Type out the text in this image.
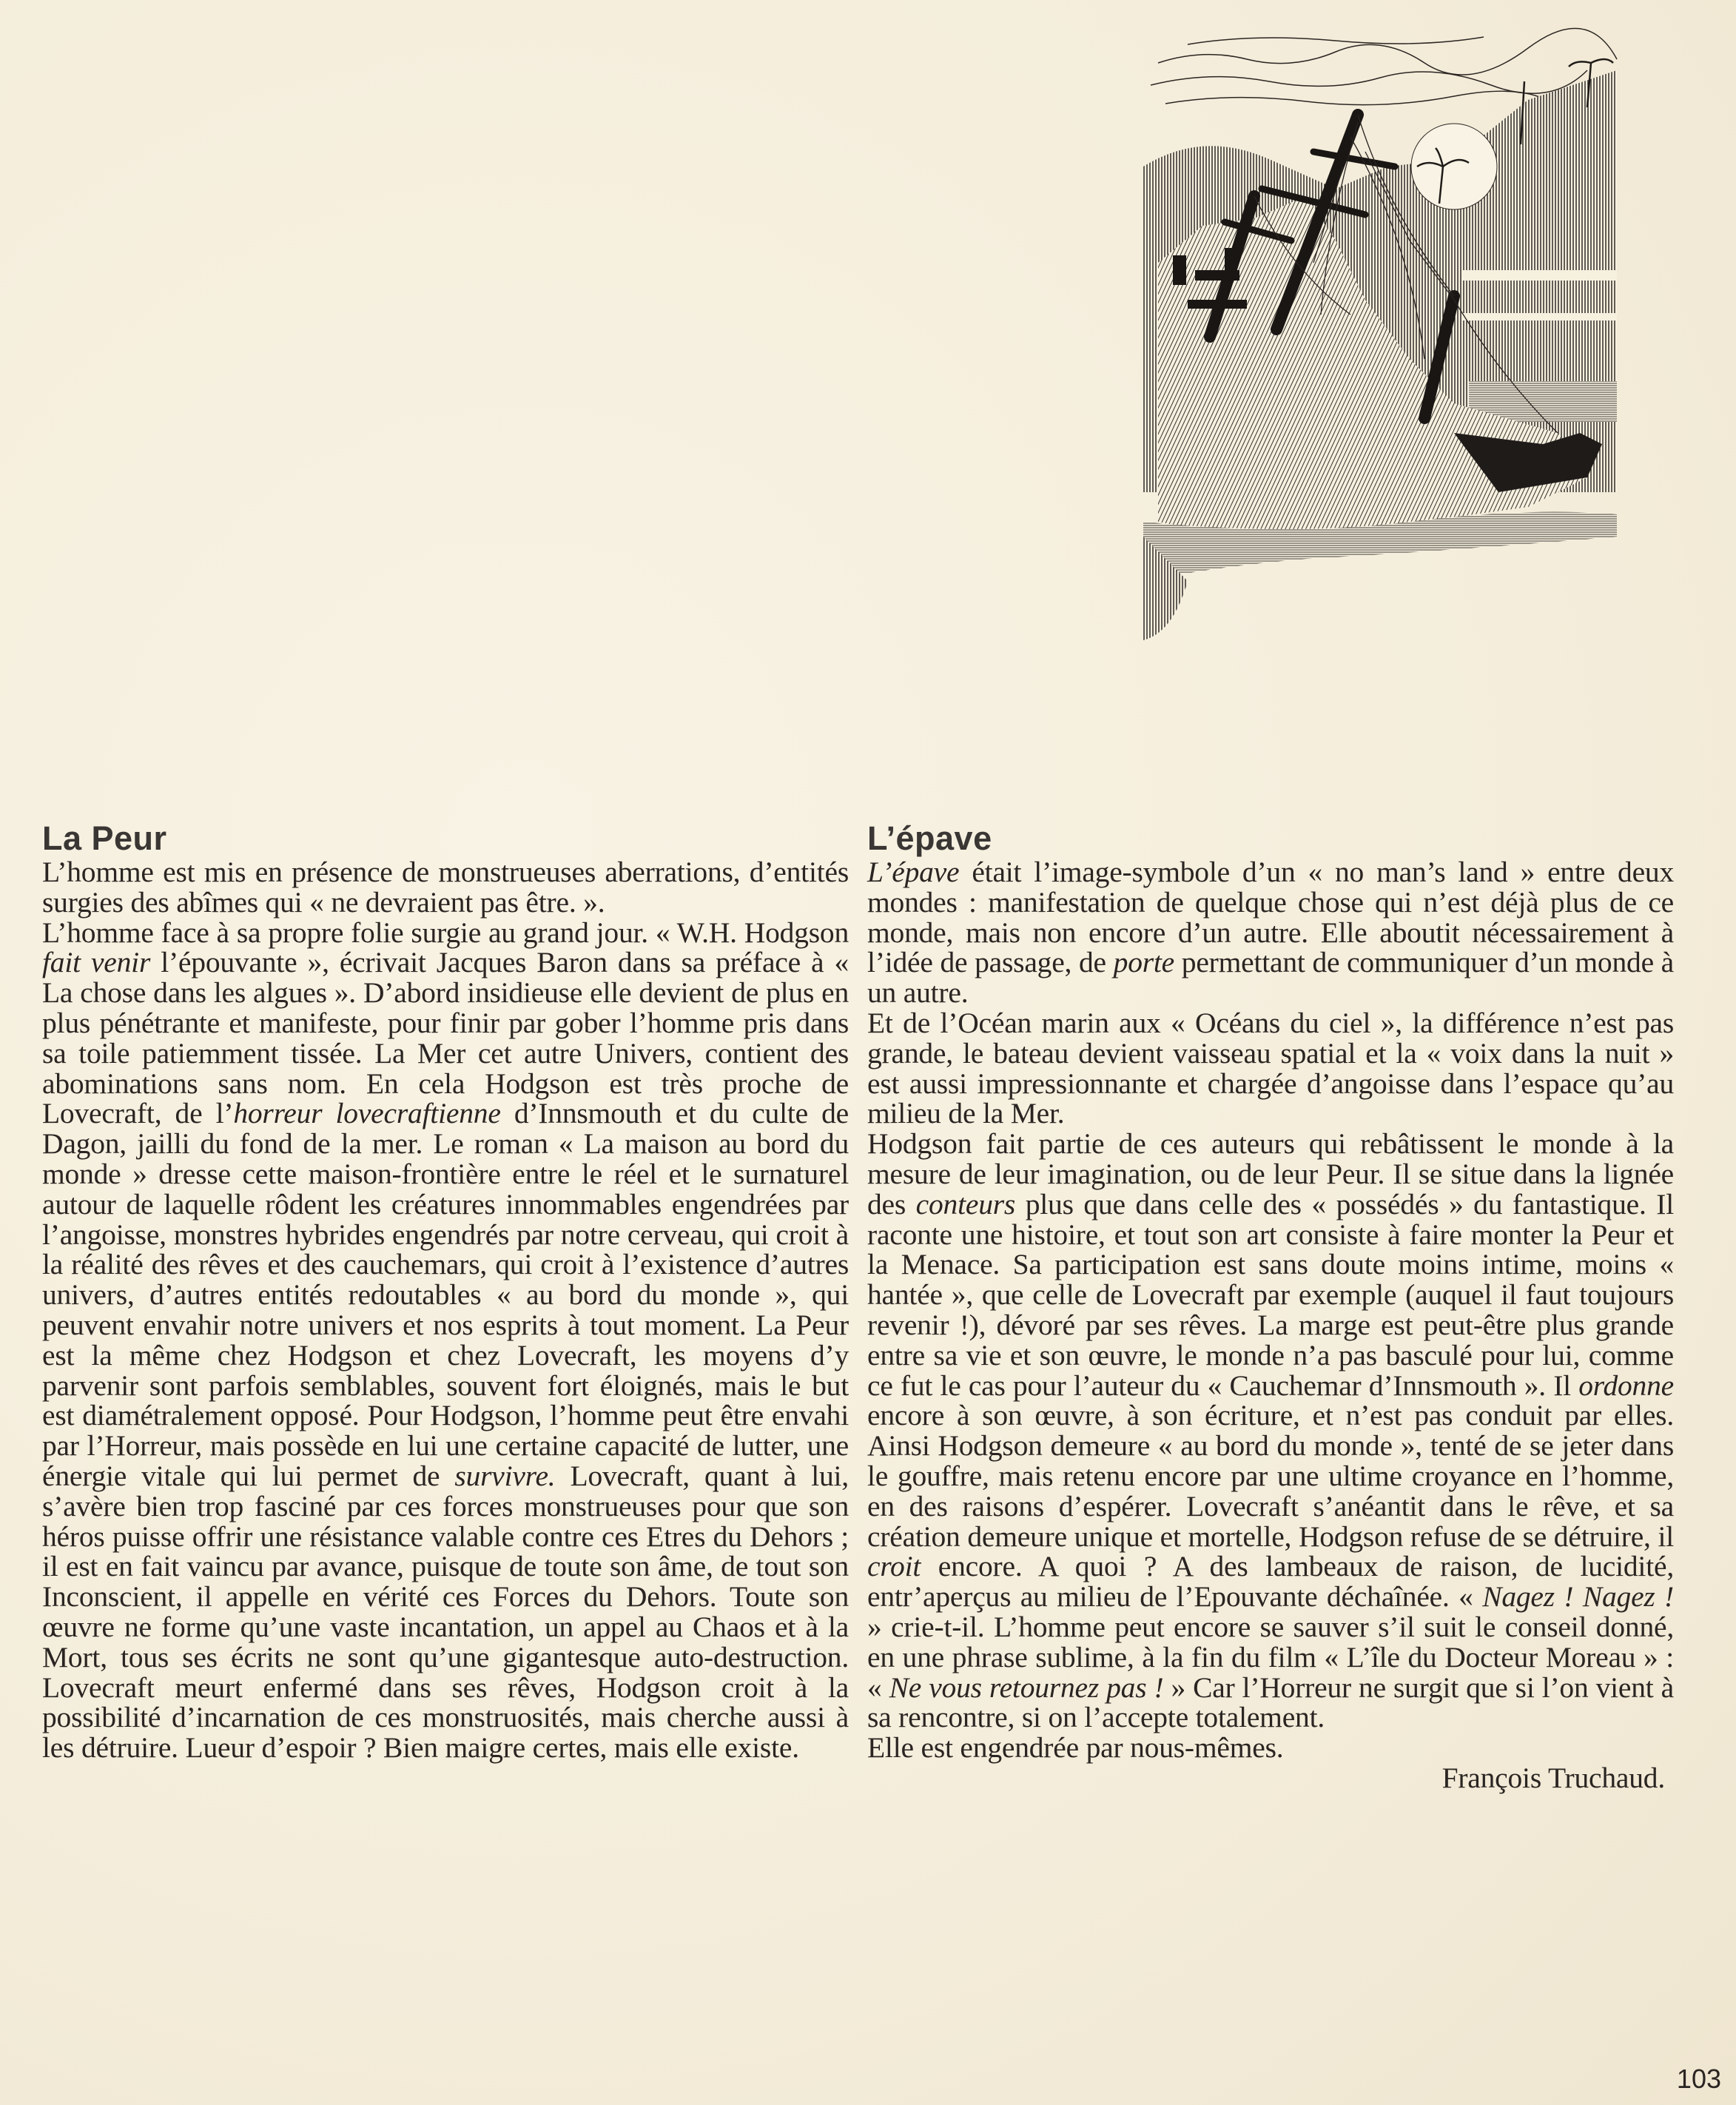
La Peur

L’homme est mis en présence de monstrueuses aberrations, d’entités surgies des abîmes qui « ne devraient pas être. ».

L’homme face à sa propre folie surgie au grand jour. « W.H. Hodgson fait venir l’épouvante », écrivait Jacques Baron dans sa préface à « La chose dans les algues ». D’abord insidieuse elle devient de plus en plus pénétrante et manifeste, pour finir par gober l’homme pris dans sa toile patiemment tissée. La Mer cet autre Univers, contient des abominations sans nom. En cela Hodgson est très proche de Lovecraft, de l’horreur lovecraftienne d’Innsmouth et du culte de Dagon, jailli du fond de la mer. Le roman « La maison au bord du monde » dresse cette maison-frontière entre le réel et le surnaturel autour de laquelle rôdent les créatures innommables engendrées par l’angoisse, monstres hybrides engendrés par notre cerveau, qui croit à la réalité des rêves et des cauchemars, qui croit à l’existence d’autres univers, d’autres entités redoutables « au bord du monde », qui peuvent envahir notre univers et nos esprits à tout moment. La Peur est la même chez Hodgson et chez Lovecraft, les moyens d’y parvenir sont parfois semblables, souvent fort éloignés, mais le but est diamétralement opposé. Pour Hodgson, l’homme peut être envahi par l’Horreur, mais possède en lui une certaine capacité de lutter, une énergie vitale qui lui permet de survivre. Lovecraft, quant à lui, s’avère bien trop fasciné par ces forces monstrueuses pour que son héros puisse offrir une résistance valable contre ces Etres du Dehors ; il est en fait vaincu par avance, puisque de toute son âme, de tout son Inconscient, il appelle en vérité ces Forces du Dehors. Toute son œuvre ne forme qu’une vaste incantation, un appel au Chaos et à la Mort, tous ses écrits ne sont qu’une gigantesque auto-destruction. Lovecraft meurt enfermé dans ses rêves, Hodgson croit à la possibilité d’incarnation de ces monstruosités, mais cherche aussi à les détruire. Lueur d’espoir ? Bien maigre certes, mais elle existe.

L’épave

L’épave était l’image-symbole d’un « no man’s land » entre deux mondes : manifestation de quelque chose qui n’est déjà plus de ce monde, mais non encore d’un autre. Elle aboutit nécessairement à l’idée de passage, de porte permettant de communiquer d’un monde à un autre.

Et de l’Océan marin aux « Océans du ciel », la différence n’est pas grande, le bateau devient vaisseau spatial et la « voix dans la nuit » est aussi impressionnante et chargée d’angoisse dans l’espace qu’au milieu de la Mer.

Hodgson fait partie de ces auteurs qui rebâtissent le monde à la mesure de leur imagination, ou de leur Peur. Il se situe dans la lignée des conteurs plus que dans celle des « possédés » du fantastique. Il raconte une histoire, et tout son art consiste à faire monter la Peur et la Menace. Sa participation est sans doute moins intime, moins « hantée », que celle de Lovecraft par exemple (auquel il faut toujours revenir !), dévoré par ses rêves. La marge est peut-être plus grande entre sa vie et son œuvre, le monde n’a pas basculé pour lui, comme ce fut le cas pour l’auteur du « Cauchemar d’Innsmouth ». Il ordonne encore à son œuvre, à son écriture, et n’est pas conduit par elles. Ainsi Hodgson demeure « au bord du monde », tenté de se jeter dans le gouffre, mais retenu encore par une ultime croyance en l’homme, en des raisons d’espérer. Lovecraft s’anéantit dans le rêve, et sa création demeure unique et mortelle, Hodgson refuse de se détruire, il croit encore. A quoi ? A des lambeaux de raison, de lucidité, entr’aperçus au milieu de l’Epouvante déchaînée. « Nagez ! Nagez ! » crie-t-il. L’homme peut encore se sauver s’il suit le conseil donné, en une phrase sublime, à la fin du film « L’île du Docteur Moreau » : « Ne vous retournez pas ! » Car l’Horreur ne surgit que si l’on vient à sa rencontre, si on l’accepte totalement.

Elle est engendrée par nous-mêmes.

François Truchaud.

103
